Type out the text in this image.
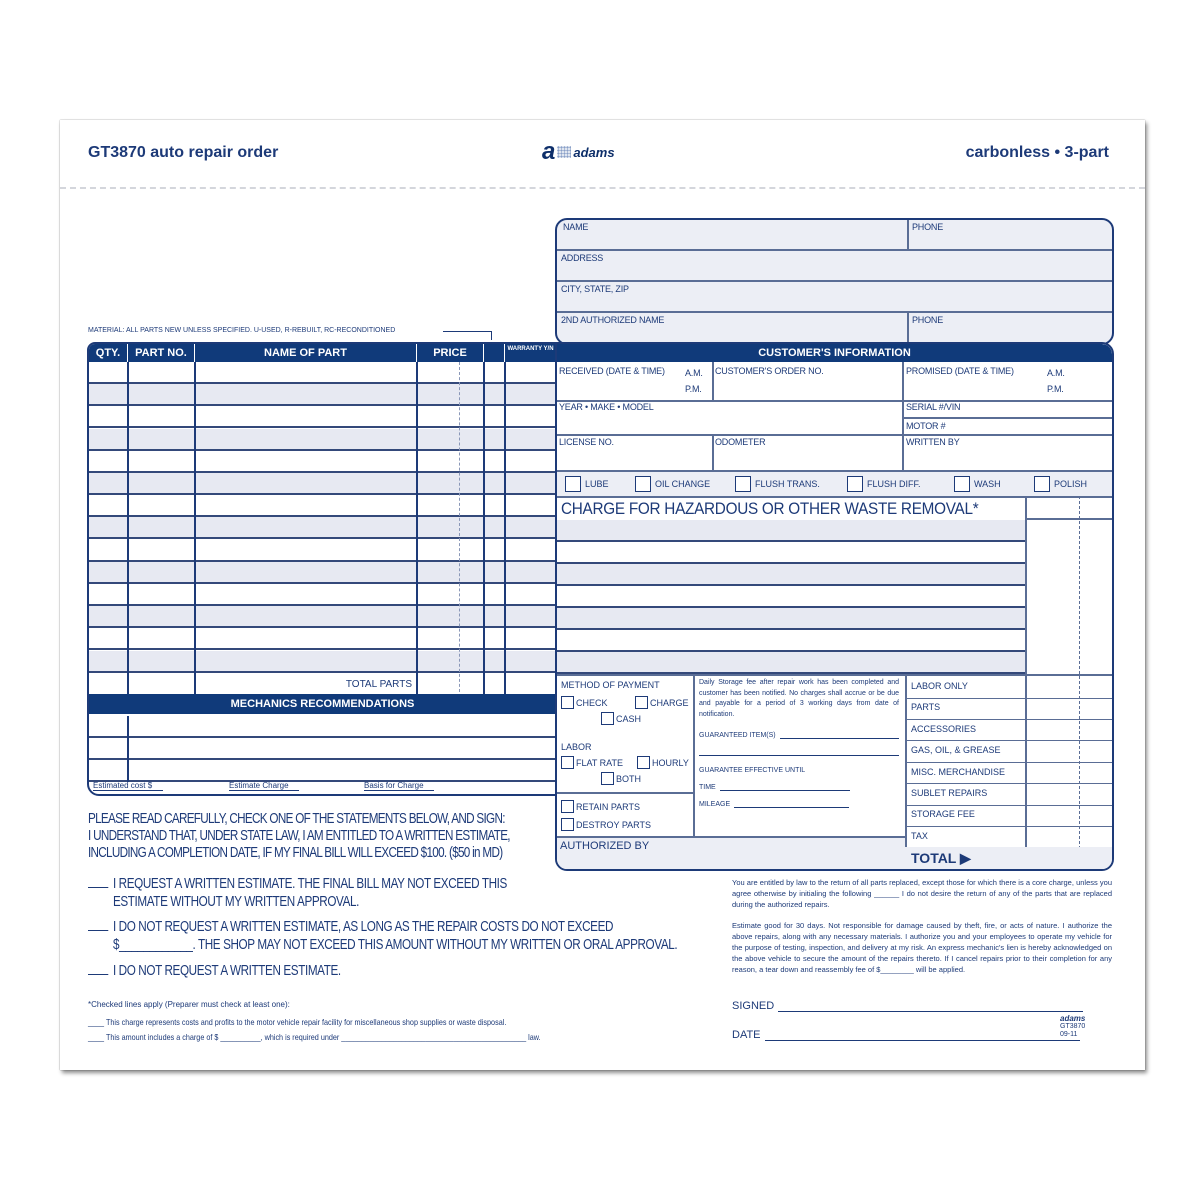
GT3870 auto repair order	a adams	carbonless • 3-part
NAME	PHONE
ADDRESS
CITY, STATE, ZIP
2ND AUTHORIZED NAME	PHONE
MATERIAL: ALL PARTS NEW UNLESS SPECIFIED. U-USED, R-REBUILT, RC-RECONDITIONED
QTY.	PART NO.	NAME OF PART	PRICE	WARRANTY Y/N
TOTAL PARTS
MECHANICS RECOMMENDATIONS
Estimated cost $	Estimate Charge	Basis for Charge
CUSTOMER'S INFORMATION
RECEIVED (DATE & TIME) A.M.
P.M.
CUSTOMER'S ORDER NO.	PROMISED (DATE & TIME)	A.M.
P.M.
YEAR • MAKE • MODEL	SERIAL #/VIN
MOTOR #
LICENSE NO.	ODOMETER	WRITTEN BY
LUBE	OIL CHANGE	FLUSH TRANS.	FLUSH DIFF.	WASH	POLISH
CHARGE FOR HAZARDOUS OR OTHER WASTE REMOVAL*
METHOD OF PAYMENT
CHECK	CHARGE
CASH
LABOR
FLAT RATE	HOURLY
BOTH
RETAIN PARTS
DESTROY PARTS
Daily Storage fee after repair work has been completed and customer has been notified. No charges shall accrue or be due and payable for a period of 3 working days from date of notification.
GUARANTEED ITEM(S)
GUARANTEE EFFECTIVE UNTIL
TIME
MILEAGE
AUTHORIZED BY
LABOR ONLY
PARTS
ACCESSORIES
GAS, OIL, & GREASE
MISC. MERCHANDISE
SUBLET REPAIRS
STORAGE FEE
TAX
TOTAL ▶
PLEASE READ CAREFULLY, CHECK ONE OF THE STATEMENTS BELOW, AND SIGN:
I UNDERSTAND THAT, UNDER STATE LAW, I AM ENTITLED TO A WRITTEN ESTIMATE,
INCLUDING A COMPLETION DATE, IF MY FINAL BILL WILL EXCEED $100. ($50 in MD)
I REQUEST A WRITTEN ESTIMATE. THE FINAL BILL MAY NOT EXCEED THIS
ESTIMATE WITHOUT MY WRITTEN APPROVAL.
I DO NOT REQUEST A WRITTEN ESTIMATE, AS LONG AS THE REPAIR COSTS DO NOT EXCEED
$____________. THE SHOP MAY NOT EXCEED THIS AMOUNT WITHOUT MY WRITTEN OR ORAL APPROVAL.
I DO NOT REQUEST A WRITTEN ESTIMATE.
*Checked lines apply (Preparer must check at least one):
____ This charge represents costs and profits to the motor vehicle repair facility for miscellaneous shop supplies or waste disposal.
____ This amount includes a charge of $ __________, which is required under ______________________________________________ law.
You are entitled by law to the return of all parts replaced, except those for which there is a core charge, unless you agree otherwise by initialing the following ______ I do not desire the return of any of the parts that are replaced during the authorized repairs.
Estimate good for 30 days. Not responsible for damage caused by theft, fire, or acts of nature. I authorize the above repairs, along with any necessary materials. I authorize you and your employees to operate my vehicle for the purpose of testing, inspection, and delivery at my risk. An express mechanic's lien is hereby acknowledged on the above vehicle to secure the amount of the repairs thereto. If I cancel repairs prior to their completion for any reason, a tear down and reassembly fee of $________ will be applied.
SIGNED
DATE
adams
GT3870
09-11
